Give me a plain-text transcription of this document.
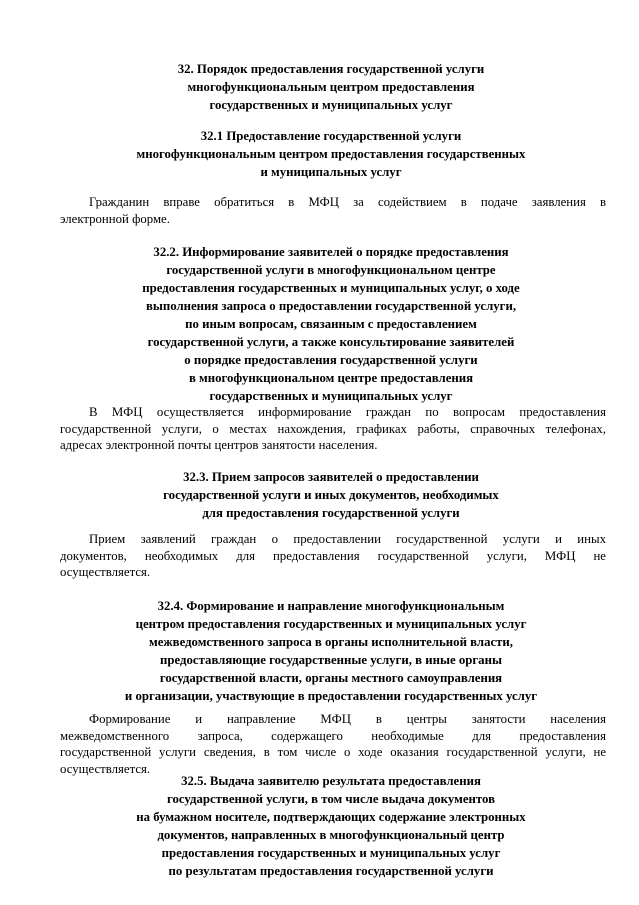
32. Порядок предоставления государственной услуги
многофункциональным центром предоставления
государственных и муниципальных услуг
32.1 Предоставление государственной услуги
многофункциональным центром предоставления государственных
и муниципальных услуг
Гражданин вправе обратиться в МФЦ за содействием в подаче заявления в
электронной форме.
32.2. Информирование заявителей о порядке предоставления
государственной услуги в многофункциональном центре
предоставления государственных и муниципальных услуг, о ходе
выполнения запроса о предоставлении государственной услуги,
по иным вопросам, связанным с предоставлением
государственной услуги, а также консультирование заявителей
о порядке предоставления государственной услуги
в многофункциональном центре предоставления
государственных и муниципальных услуг
В МФЦ осуществляется информирование граждан по вопросам предоставления
государственной услуги, о местах нахождения, графиках работы, справочных телефонах,
адресах электронной почты центров занятости населения.
32.3. Прием запросов заявителей о предоставлении
государственной услуги и иных документов, необходимых
для предоставления государственной услуги
Прием заявлений граждан о предоставлении государственной услуги и иных
документов, необходимых для предоставления государственной услуги, МФЦ не
осуществляется.
32.4. Формирование и направление многофункциональным
центром предоставления государственных и муниципальных услуг
межведомственного запроса в органы исполнительной власти,
предоставляющие государственные услуги, в иные органы
государственной власти, органы местного самоуправления
и организации, участвующие в предоставлении государственных услуг
Формирование и направление МФЦ в центры занятости населения
межведомственного запроса, содержащего необходимые для предоставления
государственной услуги сведения, в том числе о ходе оказания государственной услуги, не
осуществляется.
32.5. Выдача заявителю результата предоставления
государственной услуги, в том числе выдача документов
на бумажном носителе, подтверждающих содержание электронных
документов, направленных в многофункциональный центр
предоставления государственных и муниципальных услуг
по результатам предоставления государственной услуги
